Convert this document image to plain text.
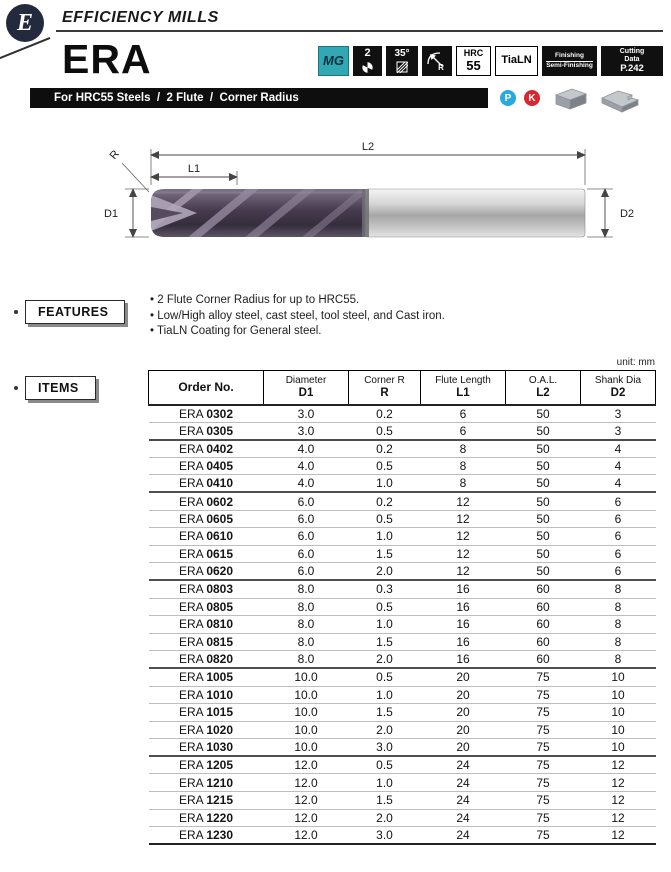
E EFFICIENCY MILLS
ERA	MG 2 35°
R
HRC
55 TiaLN	Finishing
Semi-Finishing
Cutting
Data
P.242
For HRC55 Steels  /  2 Flute  /  Corner Radius	P K
L2
L1
R
D1	D2
FEATURES
• 2 Flute Corner Radius for up to HRC55.
• Low/High alloy steel, cast steel, tool steel, and Cast iron.
• TiaLN Coating for General steel.
unit: mm
ITEMS	Order No.	Diameter
D1

Corner R
R

Flute Length
L1

O.A.L.
L2

Shank Dia
D2

ERA 0302	3.0	0.2	6	50	3
ERA 0305	3.0	0.5	6	50	3
ERA 0402	4.0	0.2	8	50	4
ERA 0405	4.0	0.5	8	50	4
ERA 0410	4.0	1.0	8	50	4
ERA 0602	6.0	0.2	12	50	6
ERA 0605	6.0	0.5	12	50	6
ERA 0610	6.0	1.0	12	50	6
ERA 0615	6.0	1.5	12	50	6
ERA 0620	6.0	2.0	12	50	6
ERA 0803	8.0	0.3	16	60	8
ERA 0805	8.0	0.5	16	60	8
ERA 0810	8.0	1.0	16	60	8
ERA 0815	8.0	1.5	16	60	8
ERA 0820	8.0	2.0	16	60	8
ERA 1005	10.0	0.5	20	75	10
ERA 1010	10.0	1.0	20	75	10
ERA 1015	10.0	1.5	20	75	10
ERA 1020	10.0	2.0	20	75	10
ERA 1030	10.0	3.0	20	75	10
ERA 1205	12.0	0.5	24	75	12
ERA 1210	12.0	1.0	24	75	12
ERA 1215	12.0	1.5	24	75	12
ERA 1220	12.0	2.0	24	75	12
ERA 1230	12.0	3.0	24	75	12
